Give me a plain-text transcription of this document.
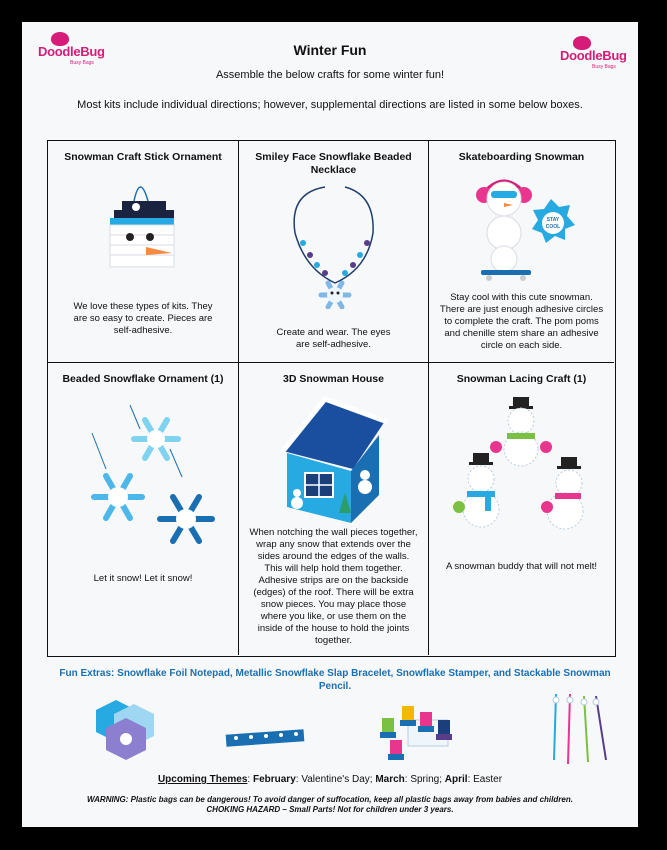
DoodleBug
Busy Bags	DoodleBug
Busy Bags
Winter Fun
Assemble the below crafts for some winter fun!
Most kits include individual directions; however, supplemental directions are listed in some below boxes.
Snowman Craft Stick Ornament
We love these types of kits. They are so easy to create. Pieces are self-adhesive.
Smiley Face Snowflake Beaded Necklace
Create and wear. The eyes are self-adhesive.
Skateboarding Snowman
STAY
COOL
Stay cool with this cute snowman. There are just enough adhesive circles to complete the craft. The pom poms and chenille stem share an adhesive circle on each side.
Beaded Snowflake Ornament (1)
Let it snow! Let it snow!
3D Snowman House
When notching the wall pieces together, wrap any snow that extends over the sides around the edges of the walls. This will help hold them together. Adhesive strips are on the backside (edges) of the roof. There will be extra snow pieces. You may place those where you like, or use them on the inside of the house to hold the joints together.
Snowman Lacing Craft (1)
A snowman buddy that will not melt!
Fun Extras: Snowflake Foil Notepad, Metallic Snowflake Slap Bracelet, Snowflake Stamper, and Stackable Snowman Pencil.
Upcoming Themes: February: Valentine's Day; March: Spring; April: Easter
WARNING: Plastic bags can be dangerous! To avoid danger of suffocation, keep all plastic bags away from babies and children.
CHOKING HAZARD – Small Parts! Not for children under 3 years.
